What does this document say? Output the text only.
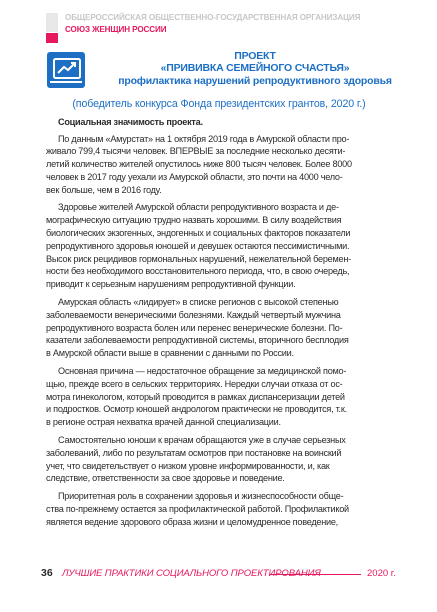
ОБЩЕРОССИЙСКАЯ ОБЩЕСТВЕННО-ГОСУДАРСТВЕННАЯ ОРГАНИЗАЦИЯ
СОЮЗ ЖЕНЩИН РОССИИ
ПРОЕКТ
«ПРИВИВКА СЕМЕЙНОГО СЧАСТЬЯ»
профилактика нарушений репродуктивного здоровья
(победитель конкурса Фонда президентских грантов, 2020 г.)
Социальная значимость проекта.
По данным «Амурстат» на 1 октября 2019 года в Амурской области про-
живало 799,4 тысячи человек. ВПЕРВЫЕ за последние несколько десяти-
летий количество жителей опустилось ниже 800 тысяч человек. Более 8000
человек в 2017 году уехали из Амурской области, это почти на 4000 чело-
век больше, чем в 2016 году.
Здоровье жителей Амурской области репродуктивного возраста и де-
мографическую ситуацию трудно назвать хорошими. В силу воздействия
биологических экзогенных, эндогенных и социальных факторов показатели
репродуктивного здоровья юношей и девушек остаются пессимистичными.
Высок риск рецидивов гормональных нарушений, нежелательной беремен-
ности без необходимого восстановительного периода, что, в свою очередь,
приводит к серьезным нарушениям репродуктивной функции.
Амурская область «лидирует» в списке регионов с высокой степенью
заболеваемости венерическими болезнями. Каждый четвертый мужчина
репродуктивного возраста болен или перенес венерические болезни. По-
казатели заболеваемости репродуктивной системы, вторичного бесплодия
в Амурской области выше в сравнении с данными по России.
Основная причина — недостаточное обращение за медицинской помо-
щью, прежде всего в сельских территориях. Нередки случаи отказа от ос-
мотра гинекологом, который проводится в рамках диспансеризации детей
и подростков. Осмотр юношей андрологом практически не проводится, т.к.
в регионе острая нехватка врачей данной специализации.
Самостоятельно юноши к врачам обращаются уже в случае серьезных
заболеваний, либо по результатам осмотров при постановке на воинский
учет, что свидетельствует о низком уровне информированности, и, как
следствие, ответственности за свое здоровье и поведение.
Приоритетная роль в сохранении здоровья и жизнеспособности обще-
ства по-прежнему остается за профилактической работой. Профилактикой
является ведение здорового образа жизни и целомудренное поведение,
36 ЛУЧШИЕ ПРАКТИКИ СОЦИАЛЬНОГО ПРОЕКТИРОВАНИЯ	2020 г.
